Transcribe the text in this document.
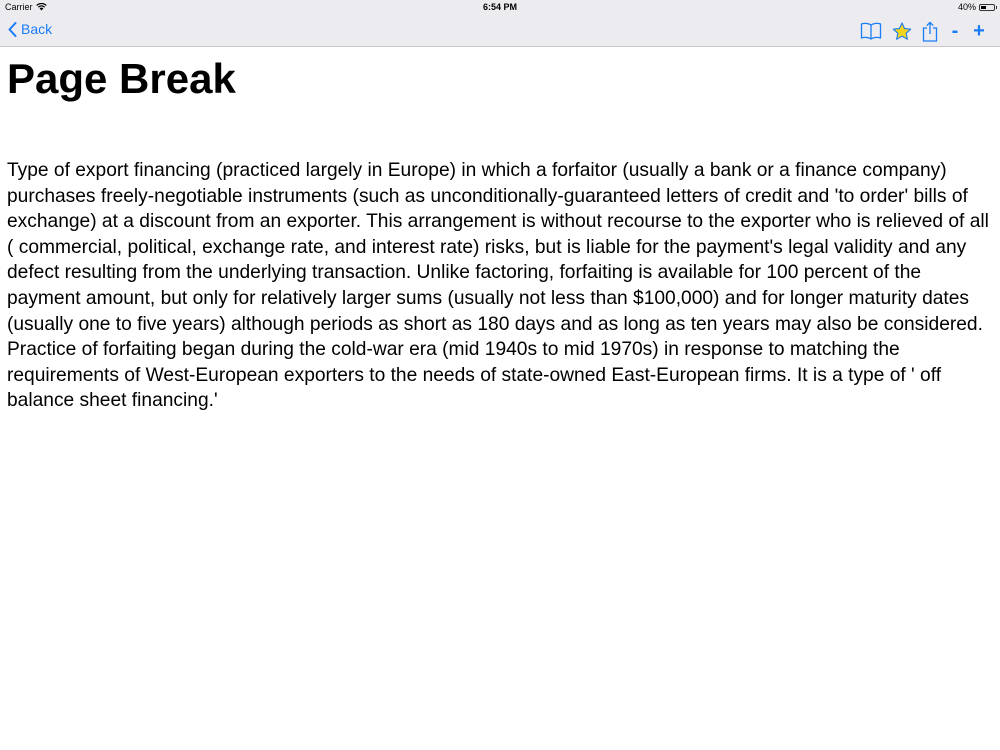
Carrier	6:54 PM	40%
Back	- +
Page Break

Type of export financing (practiced largely in Europe) in which a forfaitor (usually a bank or a finance company) purchases freely-negotiable instruments (such as unconditionally-guaranteed letters of credit and 'to order' bills of exchange) at a discount from an exporter. This arrangement is without recourse to the exporter who is relieved of all ( commercial, political, exchange rate, and interest rate) risks, but is liable for the payment's legal validity and any defect resulting from the underlying transaction. Unlike factoring, forfaiting is available for 100 percent of the payment amount, but only for relatively larger sums (usually not less than $100,000) and for longer maturity dates (usually one to five years) although periods as short as 180 days and as long as ten years may also be considered. Practice of forfaiting began during the cold-war era (mid 1940s to mid 1970s) in response to matching the requirements of West-European exporters to the needs of state-owned East-European firms. It is a type of ' off balance sheet financing.'
